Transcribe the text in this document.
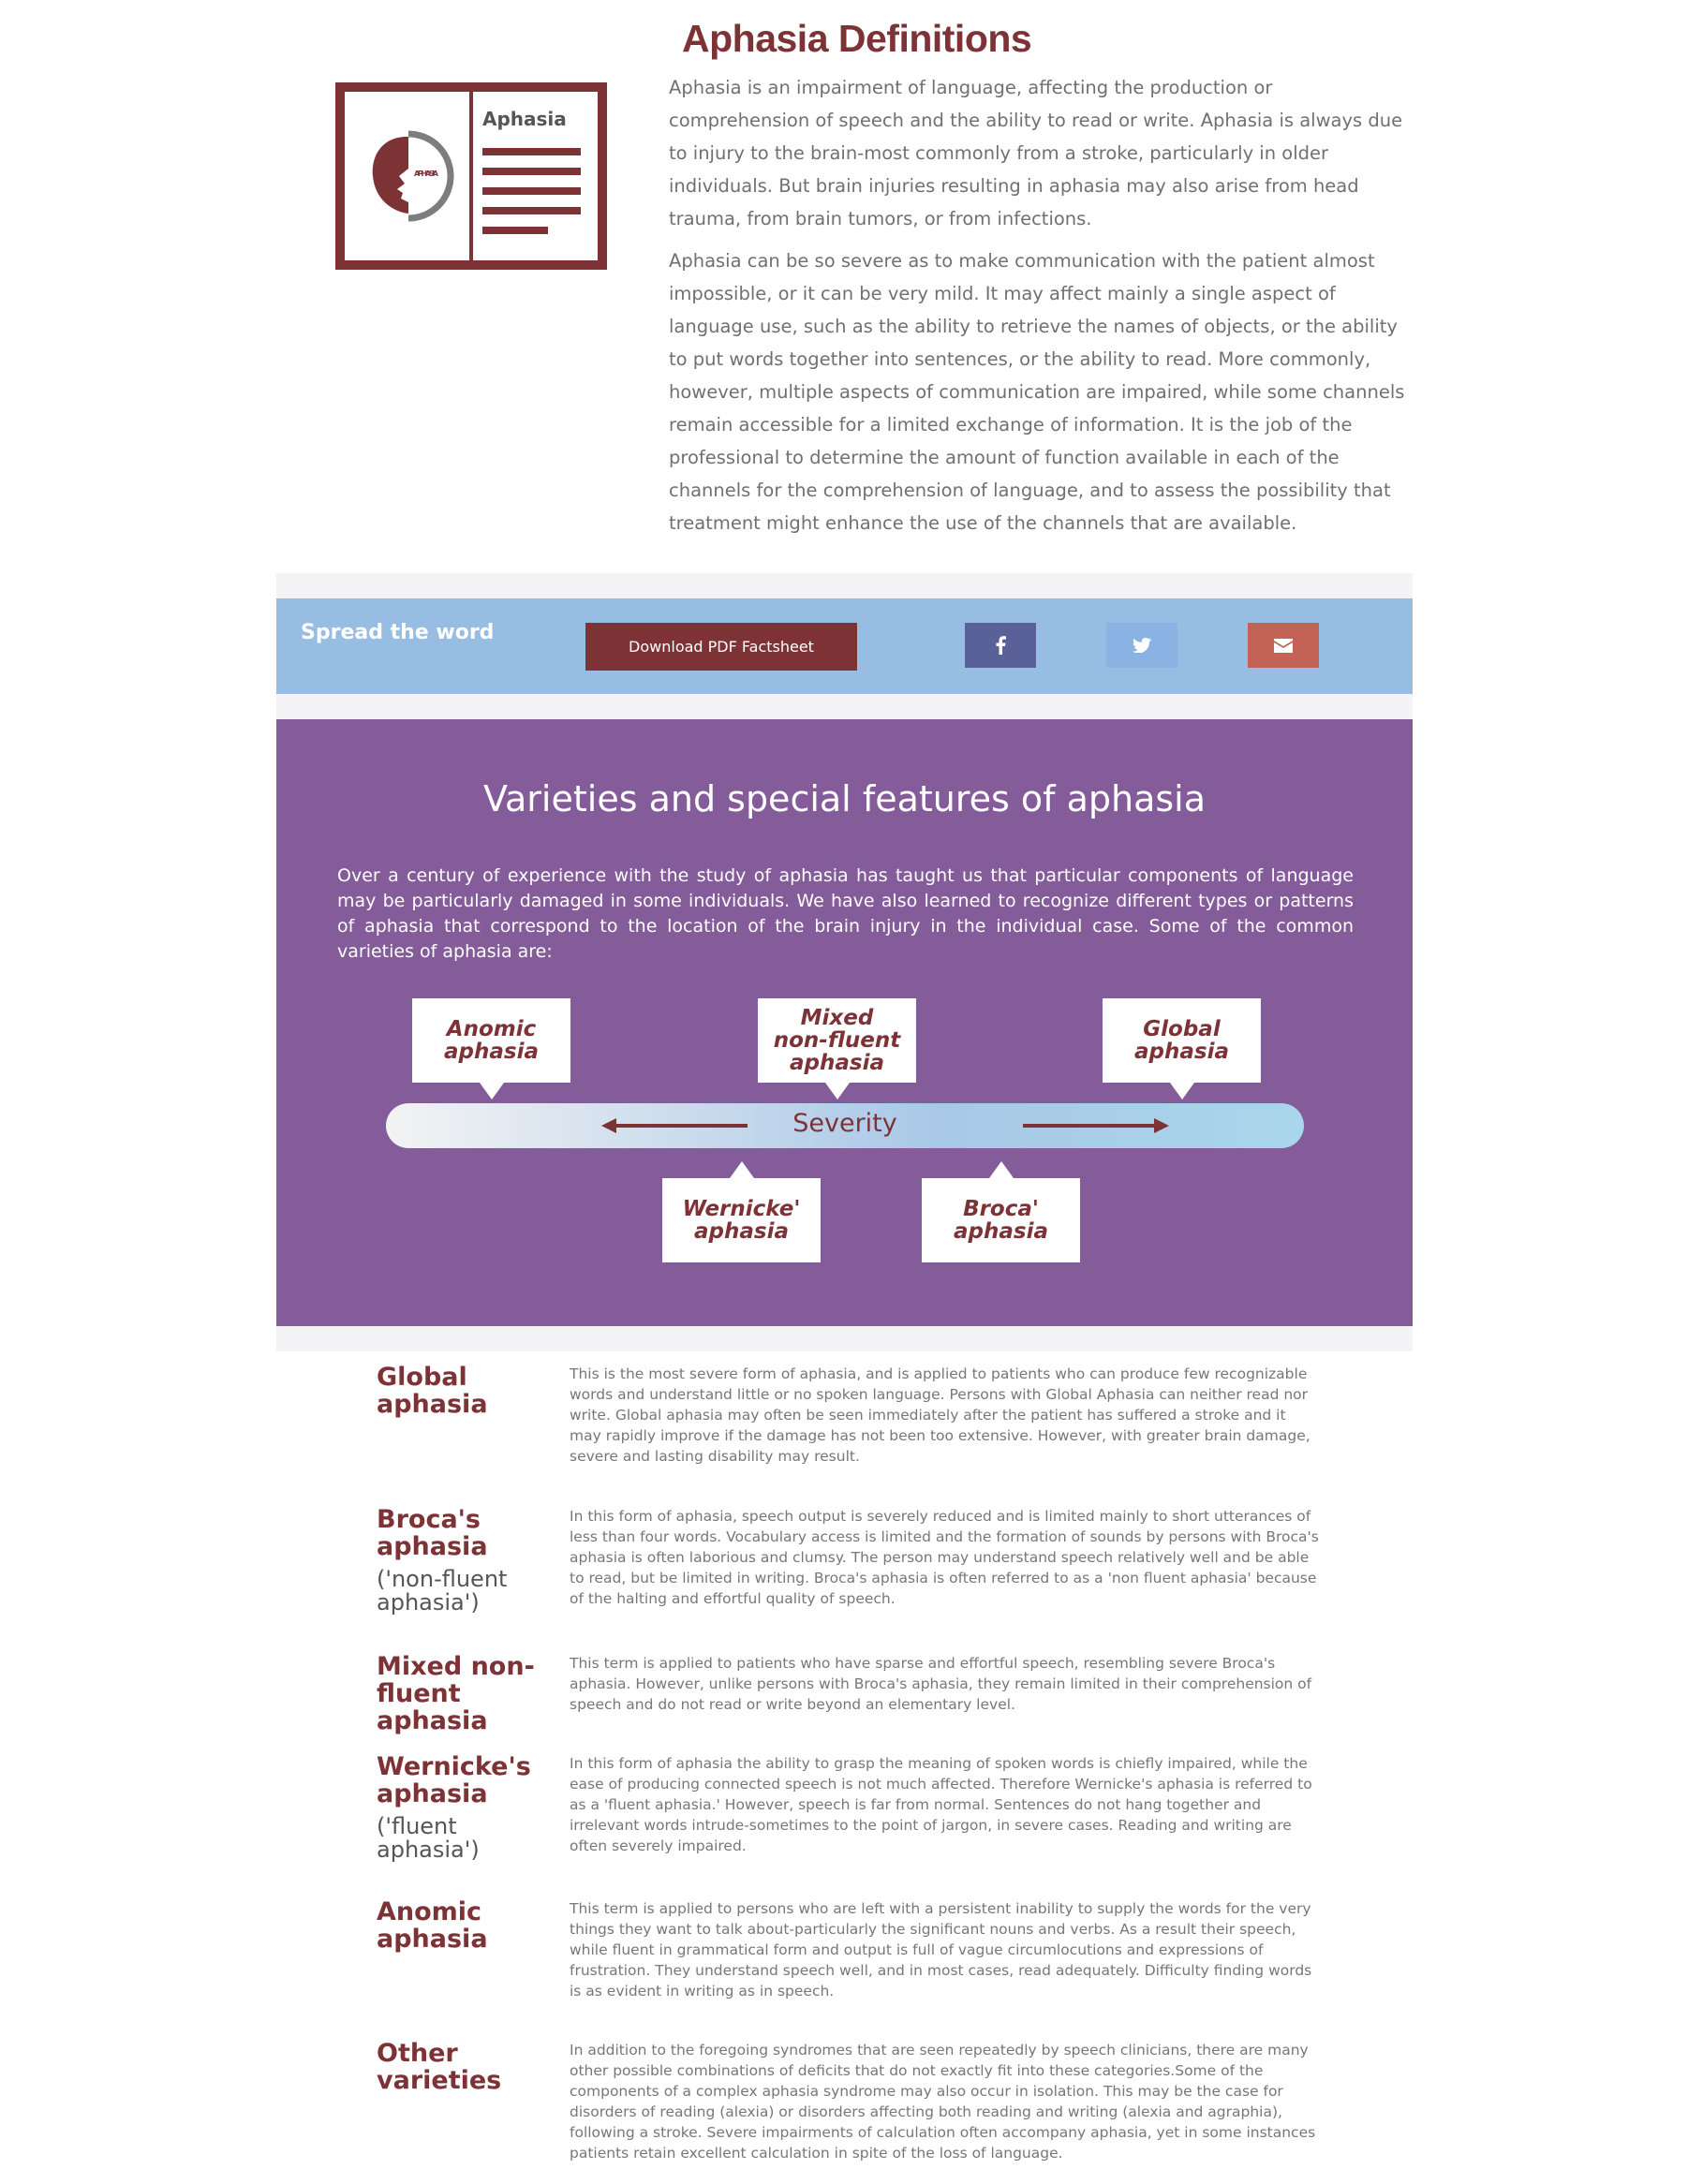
Aphasia Definitions
Aphasia
APHASIA

Aphasia is an impairment of language, affecting the production or comprehension of speech and the ability to read or write. Aphasia is always due to injury to the brain-most commonly from a stroke, particularly in older individuals. But brain injuries resulting in aphasia may also arise from head trauma, from brain tumors, or from infections.

Aphasia can be so severe as to make communication with the patient almost impossible, or it can be very mild. It may affect mainly a single aspect of language use, such as the ability to retrieve the names of objects, or the ability to put words together into sentences, or the ability to read. More commonly, however, multiple aspects of communication are impaired, while some channels remain accessible for a limited exchange of information. It is the job of the professional to determine the amount of function available in each of the channels for the comprehension of language, and to assess the possibility that treatment might enhance the use of the channels that are available.

Spread the word
Download PDF Factsheet
Varieties and special features of aphasia

Over a century of experience with the study of aphasia has taught us that particular components of language may be particularly damaged in some individuals. We have also learned to recognize different types or patterns of aphasia that correspond to the location of the brain injury in the individual case. Some of the common varieties of aphasia are:

Anomic aphasia
Mixed non-fluent aphasia
Global aphasia
Severity
Wernicke' aphasia
Broca' aphasia
Global aphasia

This is the most severe form of aphasia, and is applied to patients who can produce few recognizable words and understand little or no spoken language. Persons with Global Aphasia can neither read nor write. Global aphasia may often be seen immediately after the patient has suffered a stroke and it may rapidly improve if the damage has not been too extensive. However, with greater brain damage, severe and lasting disability may result.

Broca's aphasia
('non-fluent aphasia')

In this form of aphasia, speech output is severely reduced and is limited mainly to short utterances of less than four words. Vocabulary access is limited and the formation of sounds by persons with Broca's aphasia is often laborious and clumsy. The person may understand speech relatively well and be able to read, but be limited in writing. Broca's aphasia is often referred to as a 'non fluent aphasia' because of the halting and effortful quality of speech.

Mixed non-fluent aphasia

This term is applied to patients who have sparse and effortful speech, resembling severe Broca's aphasia. However, unlike persons with Broca's aphasia, they remain limited in their comprehension of speech and do not read or write beyond an elementary level.

Wernicke's aphasia
('fluent aphasia')

In this form of aphasia the ability to grasp the meaning of spoken words is chiefly impaired, while the ease of producing connected speech is not much affected. Therefore Wernicke's aphasia is referred to as a 'fluent aphasia.' However, speech is far from normal. Sentences do not hang together and irrelevant words intrude-sometimes to the point of jargon, in severe cases. Reading and writing are often severely impaired.

Anomic aphasia

This term is applied to persons who are left with a persistent inability to supply the words for the very things they want to talk about-particularly the significant nouns and verbs. As a result their speech, while fluent in grammatical form and output is full of vague circumlocutions and expressions of frustration. They understand speech well, and in most cases, read adequately. Difficulty finding words is as evident in writing as in speech.

Other varieties

In addition to the foregoing syndromes that are seen repeatedly by speech clinicians, there are many other possible combinations of deficits that do not exactly fit into these categories.Some of the components of a complex aphasia syndrome may also occur in isolation. This may be the case for disorders of reading (alexia) or disorders affecting both reading and writing (alexia and agraphia), following a stroke. Severe impairments of calculation often accompany aphasia, yet in some instances patients retain excellent calculation in spite of the loss of language.
